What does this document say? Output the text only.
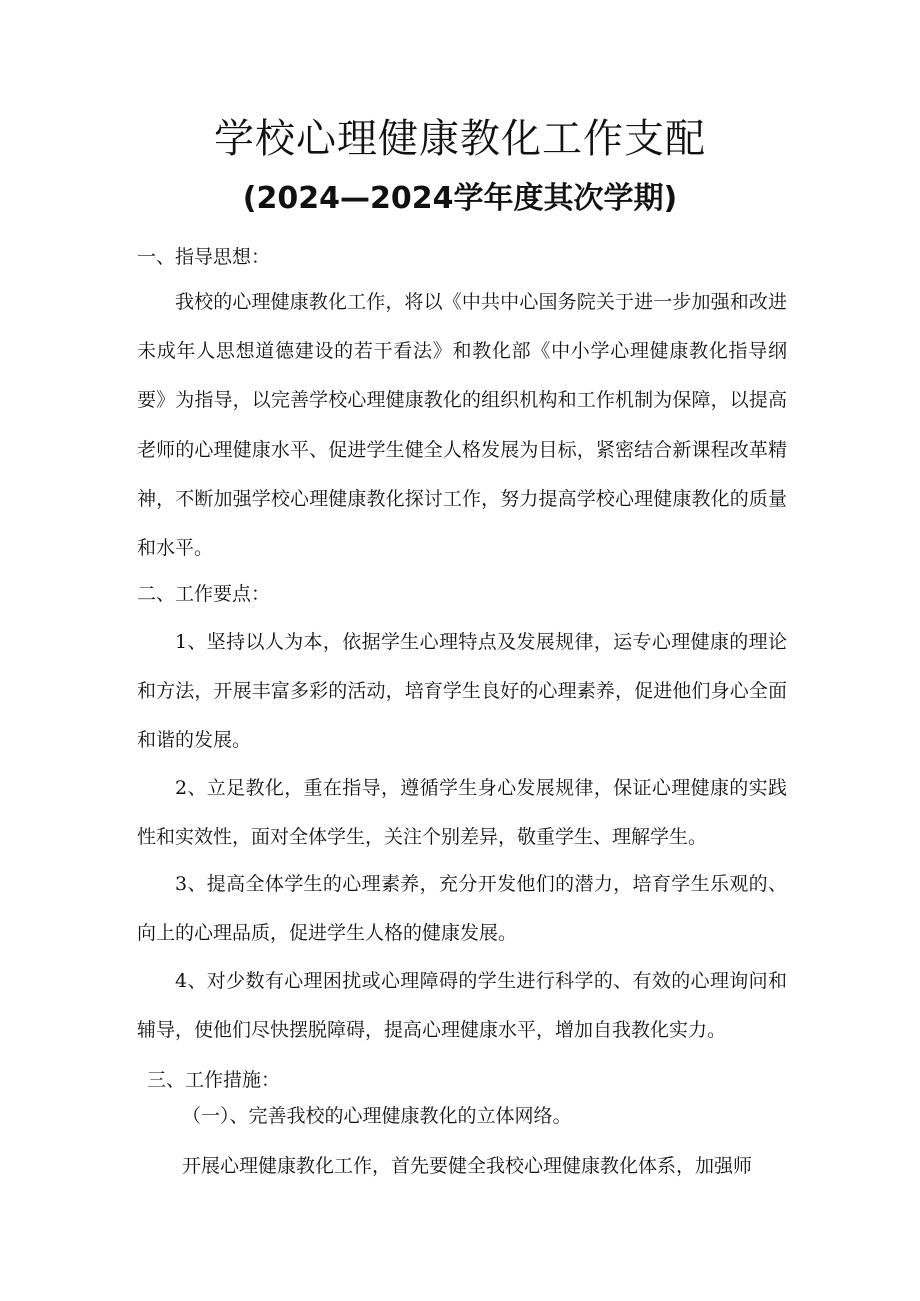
学校心理健康教化工作支配
(2024—2024学年度其次学期)

一、指导思想：

我校的心理健康教化工作，将以《中共中心国务院关于进一步加强和改进未成年人思想道德建设的若干看法》和教化部《中小学心理健康教化指导纲要》为指导，以完善学校心理健康教化的组织机构和工作机制为保障，以提高老师的心理健康水平、促进学生健全人格发展为目标，紧密结合新课程改革精神，不断加强学校心理健康教化探讨工作，努力提高学校心理健康教化的质量和水平。

二、工作要点：

1、坚持以人为本，依据学生心理特点及发展规律，运专心理健康的理论和方法，开展丰富多彩的活动，培育学生良好的心理素养，促进他们身心全面和谐的发展。

2、立足教化，重在指导，遵循学生身心发展规律，保证心理健康的实践性和实效性，面对全体学生，关注个别差异，敬重学生、理解学生。

3、提高全体学生的心理素养，充分开发他们的潜力，培育学生乐观的、向上的心理品质，促进学生人格的健康发展。

4、对少数有心理困扰或心理障碍的学生进行科学的、有效的心理询问和辅导，使他们尽快摆脱障碍，提高心理健康水平，增加自我教化实力。

三、工作措施：

（一）、完善我校的心理健康教化的立体网络。

开展心理健康教化工作，首先要健全我校心理健康教化体系，加强师
